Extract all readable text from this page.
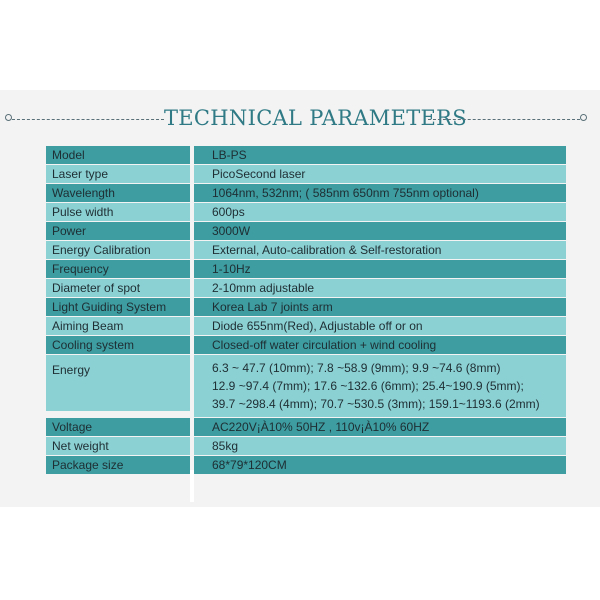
TECHNICAL PARAMETERS
Model	LB-PS
Laser type	PicoSecond laser
Wavelength	1064nm, 532nm; ( 585nm 650nm 755nm optional)
Pulse width	600ps
Power	3000W
Energy Calibration	External, Auto-calibration & Self-restoration
Frequency	1-10Hz
Diameter of spot	2-10mm adjustable
Light Guiding System	Korea Lab 7 joints arm
Aiming Beam	Diode 655nm(Red), Adjustable off or on
Cooling system	Closed-off water circulation + wind cooling
Energy	6.3 ~ 47.7 (10mm); 7.8 ~58.9 (9mm); 9.9 ~74.6 (8mm)
12.9 ~97.4 (7mm); 17.6 ~132.6 (6mm); 25.4~190.9 (5mm);
39.7 ~298.4 (4mm); 70.7 ~530.5 (3mm); 159.1~1193.6 (2mm)
Voltage	AC220V¡À10% 50HZ , 110v¡À10% 60HZ
Net weight	85kg
Package size	68*79*120CM
